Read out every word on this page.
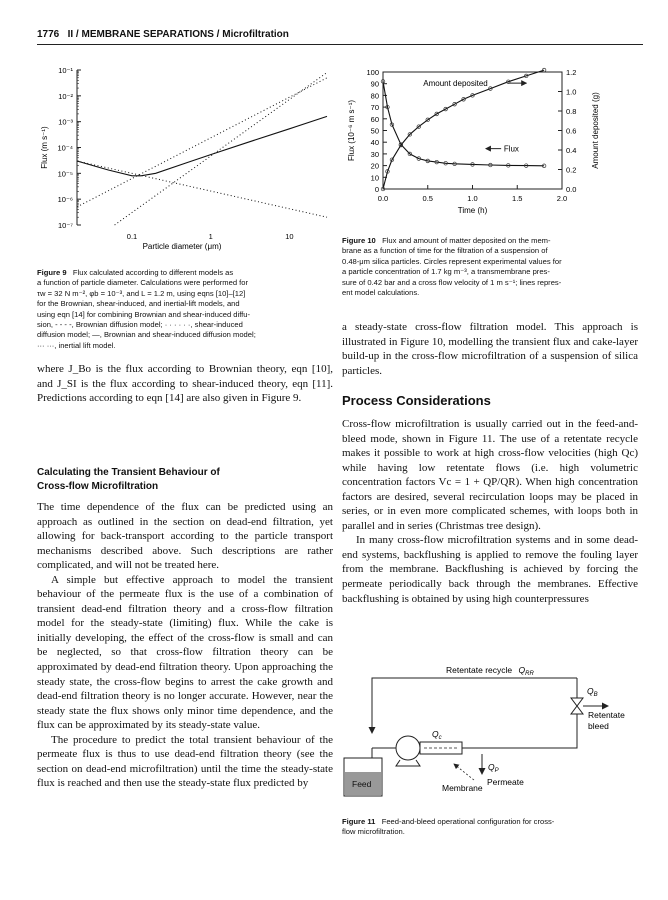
1776 II / MEMBRANE SEPARATIONS / Microfiltration
10⁻¹
10⁻²
10⁻³
10⁻⁴
10⁻⁵
10⁻⁶
10⁻⁷
0.1	1	10
Particle diameter (μm)
Flux (m s⁻¹)
Figure 9 Flux calculated according to different models as
a function of particle diameter. Calculations were performed for
τw = 32 N m⁻², φb = 10⁻³, and L = 1.2 m, using eqns [10]–[12]
for the Brownian, shear-induced, and inertial-lift models, and
using eqn [14] for combining Brownian and shear-induced diffu-
sion, - - - -, Brownian diffusion model; · · · · · ·, shear-induced
diffusion model; —, Brownian and shear-induced diffusion model;
··· ···, inertial lift model.
0
10
20
30
40
50
60
70
80
90
100
0.0
0.2
0.4
0.6
0.8
1.0
1.2
0.0	0.5	1.0	1.5	2.0
Time (h)
Flux (10⁻⁶ m s⁻¹)	Amount deposited (g)
Amount deposited
Flux
Figure 10 Flux and amount of matter deposited on the mem-
brane as a function of time for the filtration of a suspension of
0.48-μm silica particles. Circles represent experimental values for
a particle concentration of 1.7 kg m⁻³, a transmembrane pres-
sure of 0.42 bar and a cross flow velocity of 1 m s⁻¹; lines repres-
ent model calculations.

where J_Bo is the flux according to Brownian theory, eqn [10], and J_SI is the flux according to shear-induced theory, eqn [11]. Predictions according to eqn [14] are also given in Figure 9.

Calculating the Transient Behaviour of
Cross-flow Microfiltration

The time dependence of the flux can be predicted using an approach as outlined in the section on dead-end filtration, yet allowing for back-transport according to the particle transport mechanisms described above. Such descriptions are rather complicated, and will not be treated here.

A simple but effective approach to model the transient behaviour of the permeate flux is the use of a combination of transient dead-end filtration theory and a cross-flow filtration model for the steady-state (limiting) flux. While the cake is initially developing, the effect of the cross-flow is small and can be neglected, so that cross-flow filtration theory can be approximated by dead-end filtration theory. Upon approaching the steady state, the cross-flow begins to arrest the cake growth and dead-end filtration theory is no longer accurate. However, near the steady state the flux shows only minor time dependence, and the flux can be approximated by its steady-state value.

The procedure to predict the total transient behaviour of the permeate flux is thus to use dead-end filtration theory (see the section on dead-end microfiltration) until the time the steady-state flux is reached and then use the steady-state flux predicted by

a steady-state cross-flow filtration model. This approach is illustrated in Figure 10, modelling the transient flux and cake-layer build-up in the cross-flow microfiltration of a suspension of silica particles.

Process Considerations

Cross-flow microfiltration is usually carried out in the feed-and-bleed mode, shown in Figure 11. The use of a retentate recycle makes it possible to work at high cross-flow velocities (high Qc) while having low retentate flows (i.e. high volumetric concentration factors Vc = 1 + QP/QR). When high concentration factors are desired, several recirculation loops may be placed in series, or in even more complicated schemes, with loops both in parallel and in series (Christmas tree design).

In many cross-flow microfiltration systems and in some dead-end systems, backflushing is applied to remove the fouling layer from the membrane. Backflushing is achieved by forcing the permeate periodically back through the membranes. Effective backflushing is obtained by using high counterpressures

Retentate recycle $Q_{RR}$
$Q_B$
Retentate
bleed
$Q_c$
$Q_P$
Membrane
Permeate
Feed
Figure 11 Feed-and-bleed operational configuration for cross-
flow microfiltration.
